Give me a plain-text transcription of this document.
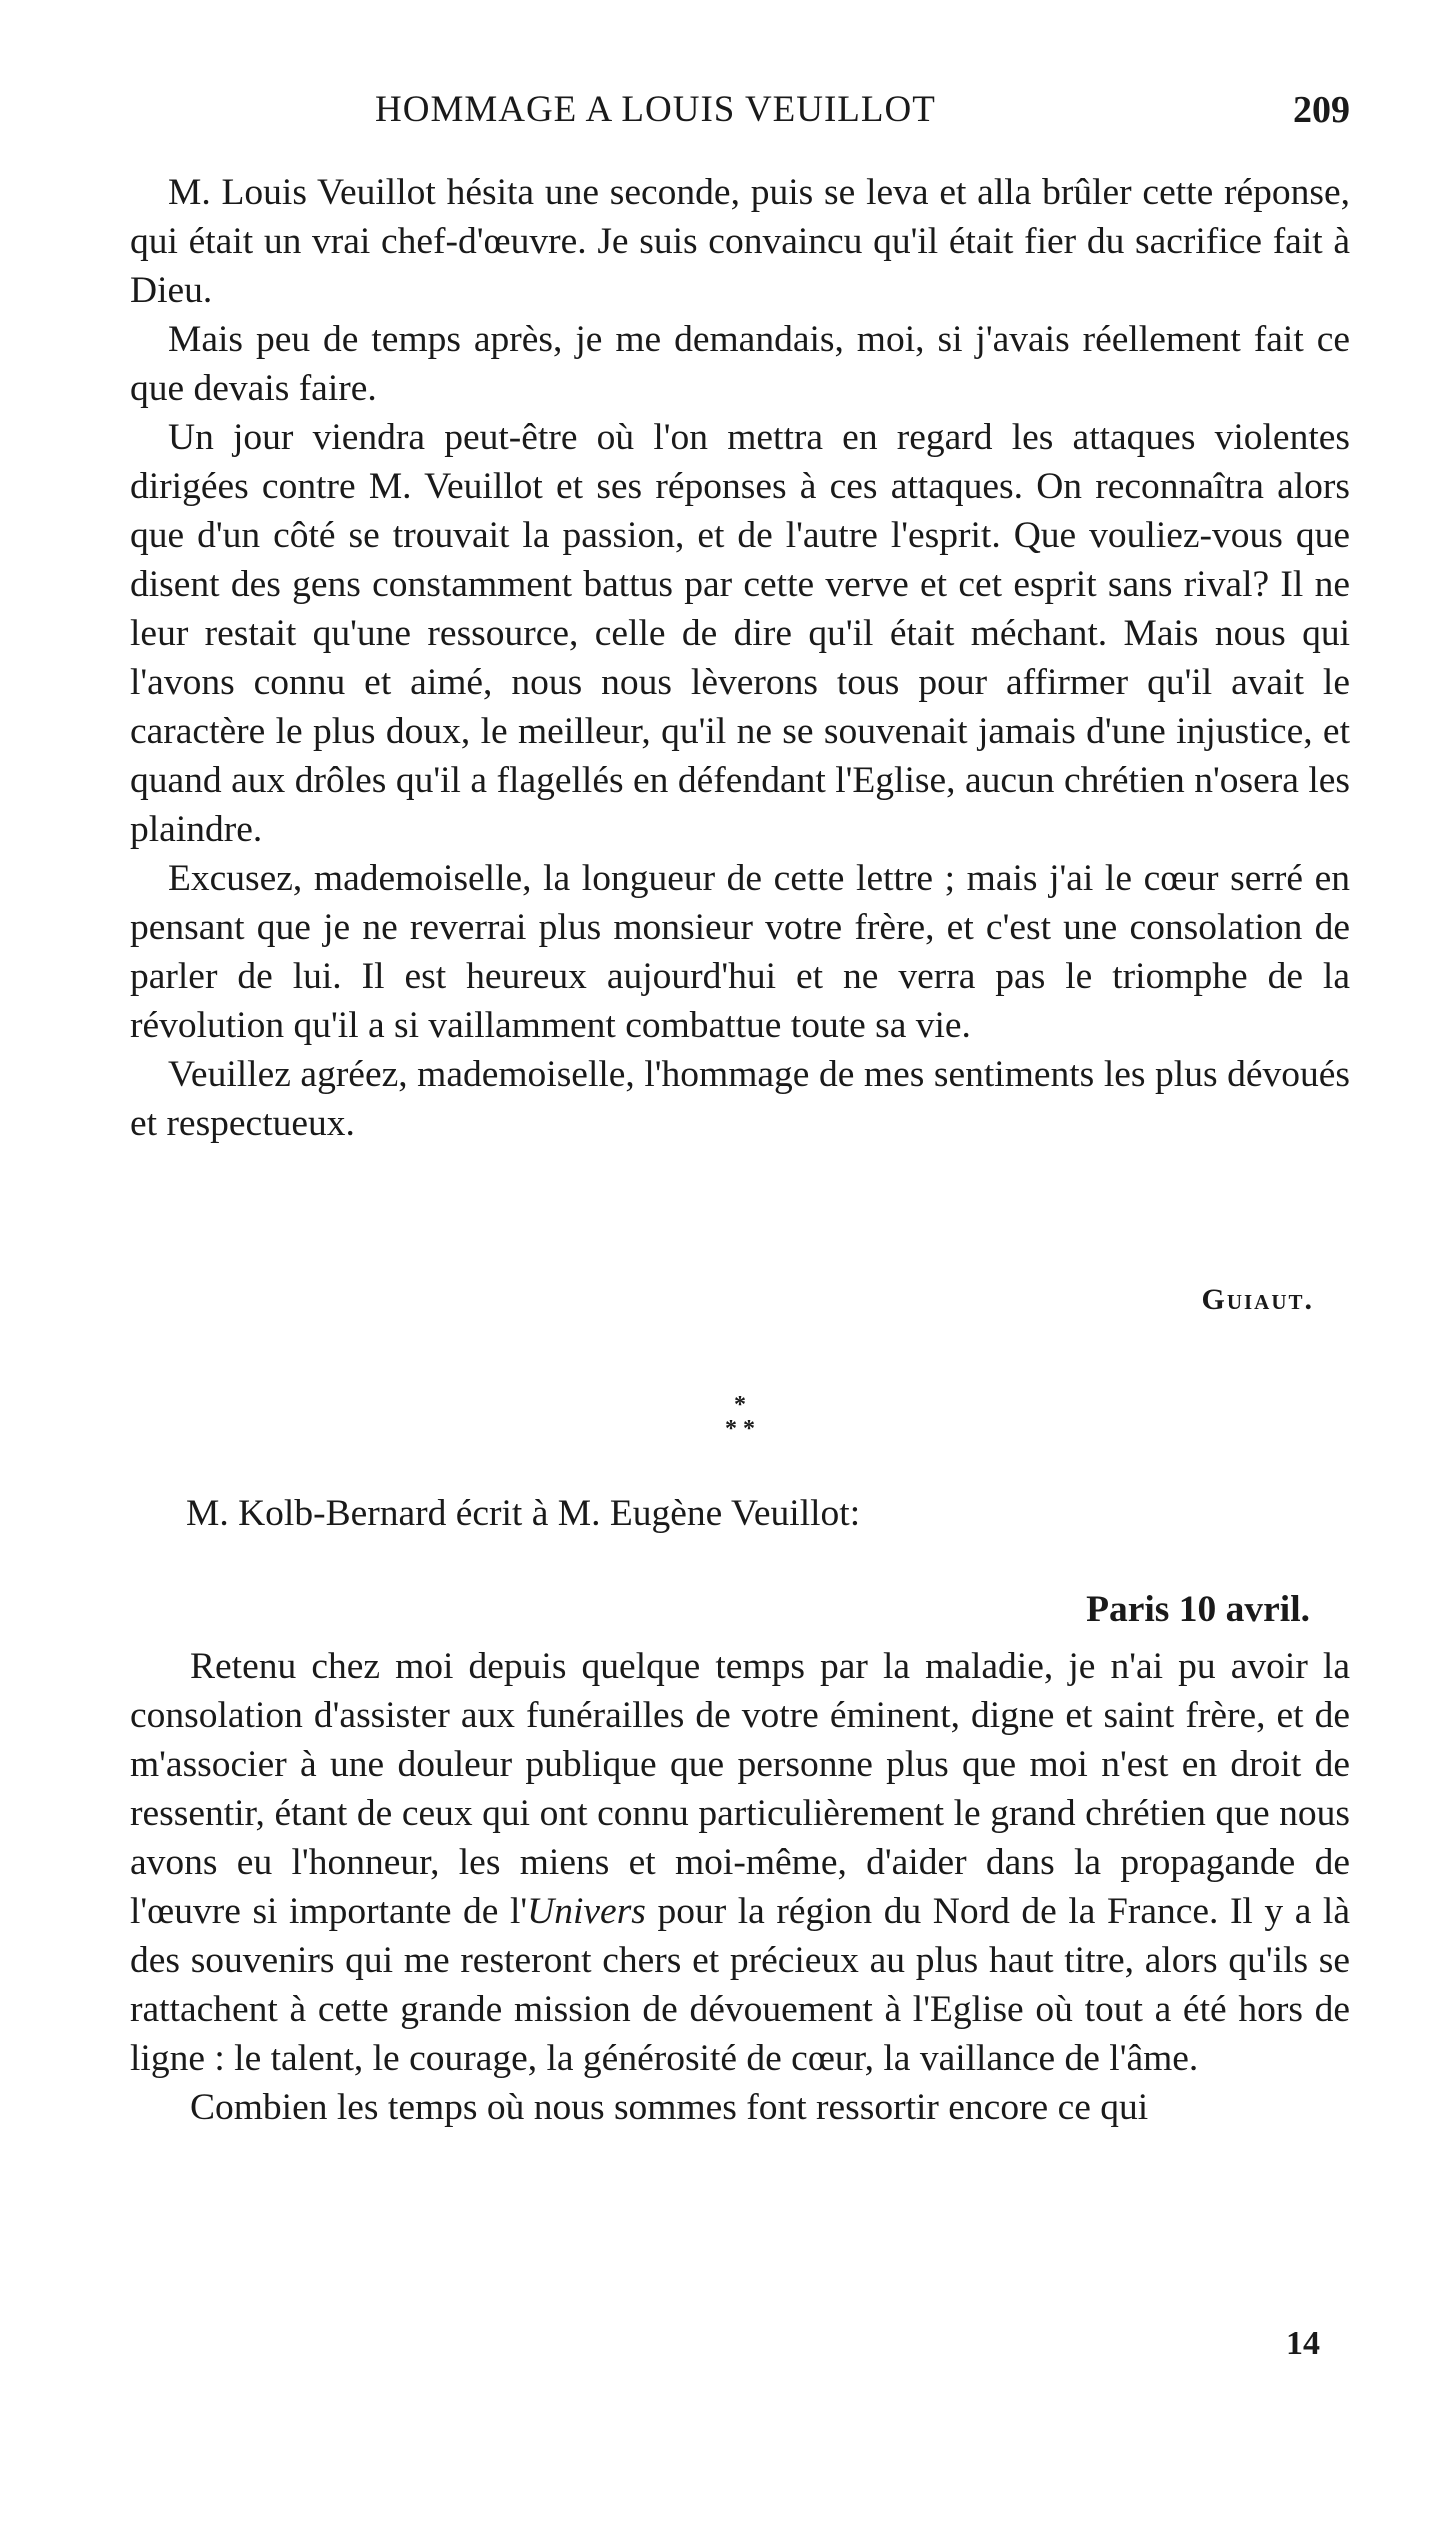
HOMMAGE A LOUIS VEUILLOT	209

M. Louis Veuillot hésita une seconde, puis se leva et alla brûler cette réponse, qui était un vrai chef-d'œuvre. Je suis convaincu qu'il était fier du sacrifice fait à Dieu.

Mais peu de temps après, je me demandais, moi, si j'avais réellement fait ce que devais faire.

Un jour viendra peut-être où l'on mettra en regard les attaques violentes dirigées contre M. Veuillot et ses réponses à ces attaques. On reconnaîtra alors que d'un côté se trouvait la passion, et de l'autre l'esprit. Que vouliez-vous que disent des gens constamment battus par cette verve et cet esprit sans rival? Il ne leur restait qu'une ressource, celle de dire qu'il était méchant. Mais nous qui l'avons connu et aimé, nous nous lèverons tous pour affirmer qu'il avait le caractère le plus doux, le meilleur, qu'il ne se souvenait jamais d'une injustice, et quand aux drôles qu'il a flagellés en défendant l'Eglise, aucun chrétien n'osera les plaindre.

Excusez, mademoiselle, la longueur de cette lettre ; mais j'ai le cœur serré en pensant que je ne reverrai plus monsieur votre frère, et c'est une consolation de parler de lui. Il est heureux aujourd'hui et ne verra pas le triomphe de la révolution qu'il a si vaillamment combattue toute sa vie.

Veuillez agréez, mademoiselle, l'hommage de mes sentiments les plus dévoués et respectueux.

Guiaut.
*
* *
M. Kolb-Bernard écrit à M. Eugène Veuillot:
Paris 10 avril.

Retenu chez moi depuis quelque temps par la maladie, je n'ai pu avoir la consolation d'assister aux funérailles de votre éminent, digne et saint frère, et de m'associer à une douleur publique que personne plus que moi n'est en droit de ressentir, étant de ceux qui ont connu particulièrement le grand chrétien que nous avons eu l'honneur, les miens et moi-même, d'aider dans la propagande de l'œuvre si importante de l'Univers pour la région du Nord de la France. Il y a là des souvenirs qui me resteront chers et précieux au plus haut titre, alors qu'ils se rattachent à cette grande mission de dévouement à l'Eglise où tout a été hors de ligne : le talent, le courage, la générosité de cœur, la vaillance de l'âme.

Combien les temps où nous sommes font ressortir encore ce qui

14
